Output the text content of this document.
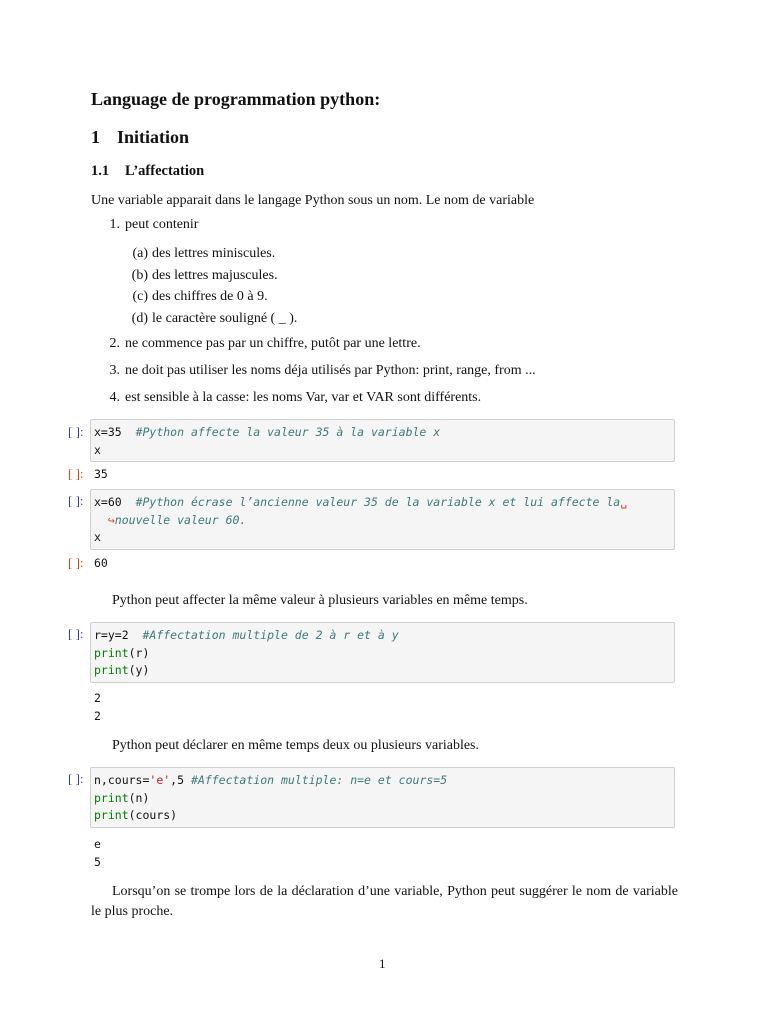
Language de programmation python:
1 Initiation
1.1 L’affectation
Une variable apparait dans le langage Python sous un nom. Le nom de variable
1. peut contenir
(a) des lettres miniscules.
(b) des lettres majuscules.
(c) des chiffres de 0 à 9.
(d) le caractère souligné ( _ ).
2. ne commence pas par un chiffre, putôt par une lettre.
3. ne doit pas utiliser les noms déja utilisés par Python: print, range, from ...
4. est sensible à la casse: les noms Var, var et VAR sont différents.
[ ]: x=35 #Python affecte la valeur 35 à la variable x
x
[ ]: 35
[ ]: x=60 #Python écrase l’ancienne valeur 35 de la variable x et lui affecte la␣
↪nouvelle valeur 60.
x
[ ]: 60
Python peut affecter la même valeur à plusieurs variables en même temps.
[ ]: r=y=2 #Affectation multiple de 2 à r et à y
print(r)
print(y)
2
2
Python peut déclarer en même temps deux ou plusieurs variables.
[ ]: n,cours='e',5 #Affectation multiple: n=e et cours=5
print(n)
print(cours)
e
5
Lorsqu’on se trompe lors de la déclaration d’une variable, Python peut suggérer le nom de variable le plus proche.
1
